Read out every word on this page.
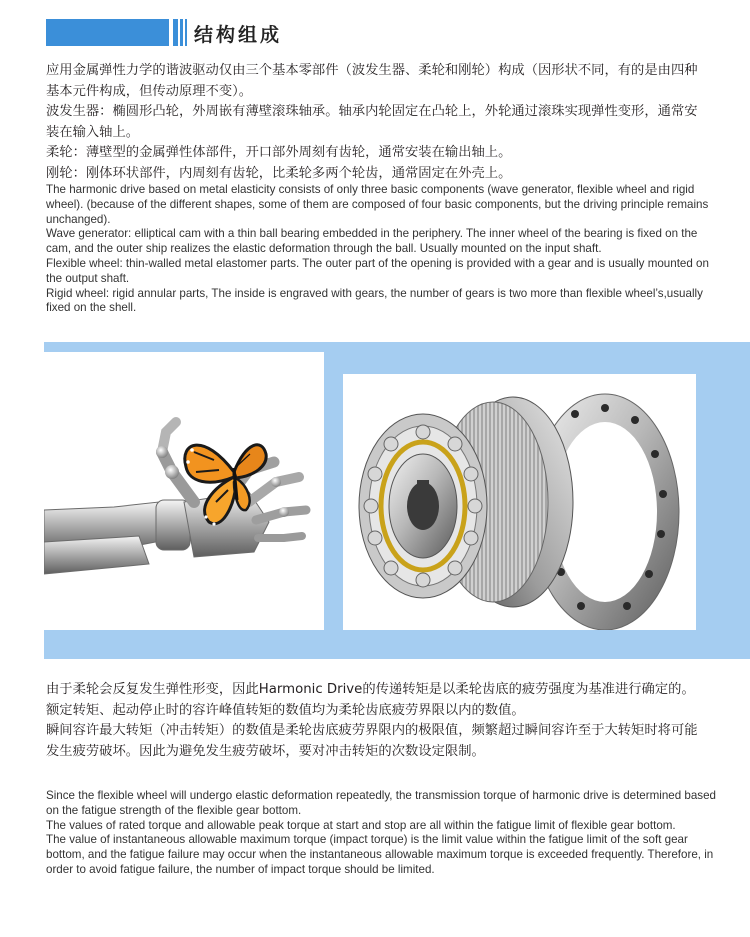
结构组成
应用金属弹性力学的谐波驱动仅由三个基本零部件（波发生器、柔轮和刚轮）构成（因形状不同，有的是由四种基本元件构成，但传动原理不变）。
波发生器：椭圆形凸轮，外周嵌有薄壁滚珠轴承。轴承内轮固定在凸轮上，外轮通过滚珠实现弹性变形，通常安装在输入轴上。
柔轮：薄壁型的金属弹性体部件，开口部外周刻有齿轮，通常安装在输出轴上。
刚轮：刚体环状部件，内周刻有齿轮，比柔轮多两个轮齿，通常固定在外壳上。
The harmonic drive based on metal elasticity consists of only three basic components (wave generator, flexible wheel and rigid wheel). (because of the different shapes, some of them are composed of four basic components, but the driving principle remains unchanged).
Wave generator: elliptical cam with a thin ball bearing embedded in the periphery. The inner wheel of the bearing is fixed on the cam, and the outer ship realizes the elastic deformation through the ball. Usually mounted on the input shaft.
Flexible wheel: thin-walled metal elastomer parts. The outer part of the opening is provided with a gear and is usually mounted on the output shaft.
Rigid wheel: rigid annular parts, The inside is engraved with gears, the number of gears is two more than flexible wheel’s,usually fixed on the shell.
由于柔轮会反复发生弹性形变，因此Harmonic Drive的传递转矩是以柔轮齿底的疲劳强度为基准进行确定的。
额定转矩、起动停止时的容许峰值转矩的数值均为柔轮齿底疲劳界限以内的数值。
瞬间容许最大转矩（冲击转矩）的数值是柔轮齿底疲劳界限内的极限值，频繁超过瞬间容许至于大转矩时将可能发生疲劳破坏。因此为避免发生疲劳破坏，要对冲击转矩的次数设定限制。
Since the flexible wheel will undergo elastic deformation repeatedly, the transmission torque of harmonic drive is determined based on the fatigue strength of the flexible gear bottom.
The values of rated torque and allowable peak torque at start and stop are all within the fatigue limit of flexible gear bottom.
The value of instantaneous allowable maximum torque (impact torque) is the limit value within the fatigue limit of the soft gear bottom, and the fatigue failure may occur when the instantaneous allowable maximum torque is exceeded frequently. Therefore, in order to avoid fatigue failure, the number of impact torque should be limited.
